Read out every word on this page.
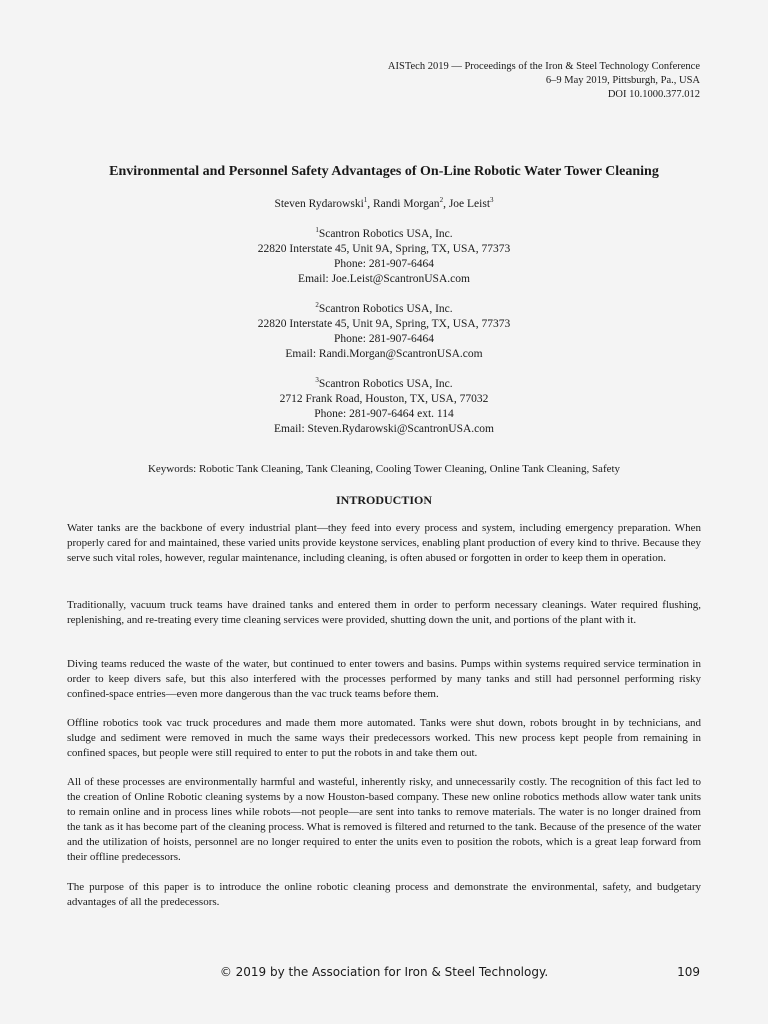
AISTech 2019 — Proceedings of the Iron & Steel Technology Conference
6–9 May 2019, Pittsburgh, Pa., USA
DOI 10.1000.377.012
Environmental and Personnel Safety Advantages of On-Line Robotic Water Tower Cleaning
Steven Rydarowski$^1$, Randi Morgan$^2$, Joe Leist$^3$
$^1$Scantron Robotics USA, Inc.
22820 Interstate 45, Unit 9A, Spring, TX, USA, 77373
Phone: 281-907-6464
Email: Joe.Leist@ScantronUSA.com
$^2$Scantron Robotics USA, Inc.
22820 Interstate 45, Unit 9A, Spring, TX, USA, 77373
Phone: 281-907-6464
Email: Randi.Morgan@ScantronUSA.com
$^3$Scantron Robotics USA, Inc.
2712 Frank Road, Houston, TX, USA, 77032
Phone: 281-907-6464 ext. 114
Email: Steven.Rydarowski@ScantronUSA.com
Keywords: Robotic Tank Cleaning, Tank Cleaning, Cooling Tower Cleaning, Online Tank Cleaning, Safety
INTRODUCTION

Water tanks are the backbone of every industrial plant—they feed into every process and system, including emergency preparation. When properly cared for and maintained, these varied units provide keystone services, enabling plant production of every kind to thrive. Because they serve such vital roles, however, regular maintenance, including cleaning, is often abused or forgotten in order to keep them in operation.

Traditionally, vacuum truck teams have drained tanks and entered them in order to perform necessary cleanings. Water required flushing, replenishing, and re-treating every time cleaning services were provided, shutting down the unit, and portions of the plant with it.

Diving teams reduced the waste of the water, but continued to enter towers and basins. Pumps within systems required service termination in order to keep divers safe, but this also interfered with the processes performed by many tanks and still had personnel performing risky confined-space entries—even more dangerous than the vac truck teams before them.

Offline robotics took vac truck procedures and made them more automated. Tanks were shut down, robots brought in by technicians, and sludge and sediment were removed in much the same ways their predecessors worked. This new process kept people from remaining in confined spaces, but people were still required to enter to put the robots in and take them out.

All of these processes are environmentally harmful and wasteful, inherently risky, and unnecessarily costly. The recognition of this fact led to the creation of Online Robotic cleaning systems by a now Houston-based company. These new online robotics methods allow water tank units to remain online and in process lines while robots—not people—are sent into tanks to remove materials. The water is no longer drained from the tank as it has become part of the cleaning process. What is removed is filtered and returned to the tank. Because of the presence of the water and the utilization of hoists, personnel are no longer required to enter the units even to position the robots, which is a great leap forward from their offline predecessors.

The purpose of this paper is to introduce the online robotic cleaning process and demonstrate the environmental, safety, and budgetary advantages of all the predecessors.

© 2019 by the Association for Iron & Steel Technology.	109
